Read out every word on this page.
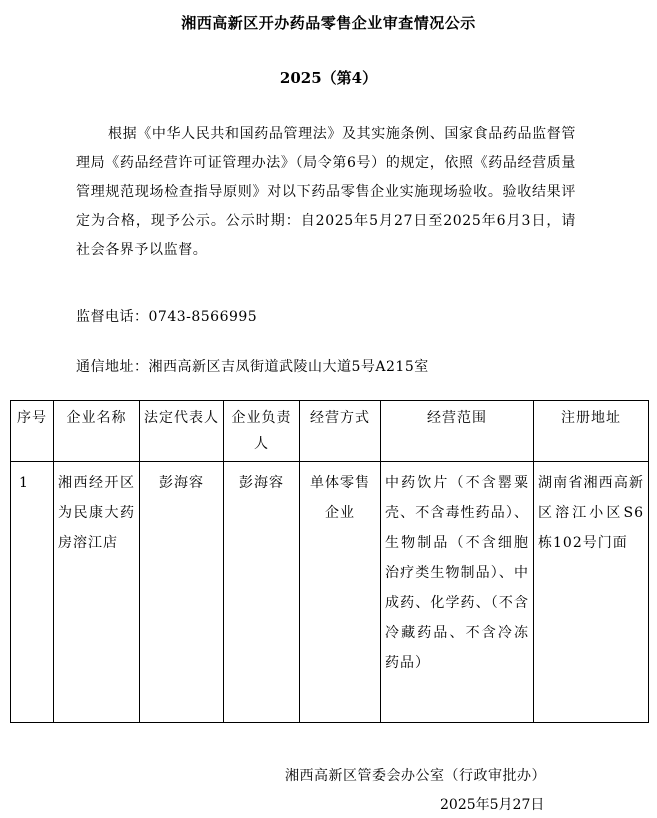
湘西高新区开办药品零售企业审查情况公示
2025（第4）
根据《中华人民共和国药品管理法》及其实施条例、国家食品药品监督管理局《药品经营许可证管理办法》（局令第6号）的规定，依照《药品经营质量管理规范现场检查指导原则》对以下药品零售企业实施现场验收。验收结果评定为合格，现予公示。公示时期：自2025年5月27日至2025年6月3日，请社会各界予以监督。
监督电话：0743-8566995
通信地址：湘西高新区吉凤街道武陵山大道5号A215室
序号	企业名称	法定代表人	企业负责人	经营方式	经营范围	注册地址
1	湘西经开区为民康大药房溶江店	彭海容	彭海容	单体零售企业	中药饮片（不含罂粟壳、不含毒性药品）、生物制品（不含细胞治疗类生物制品）、中成药、化学药、（不含冷藏药品、不含冷冻药品）	湖南省湘西高新区溶江小区S6栋102号门面
湘西高新区管委会办公室（行政审批办）
2025年5月27日
